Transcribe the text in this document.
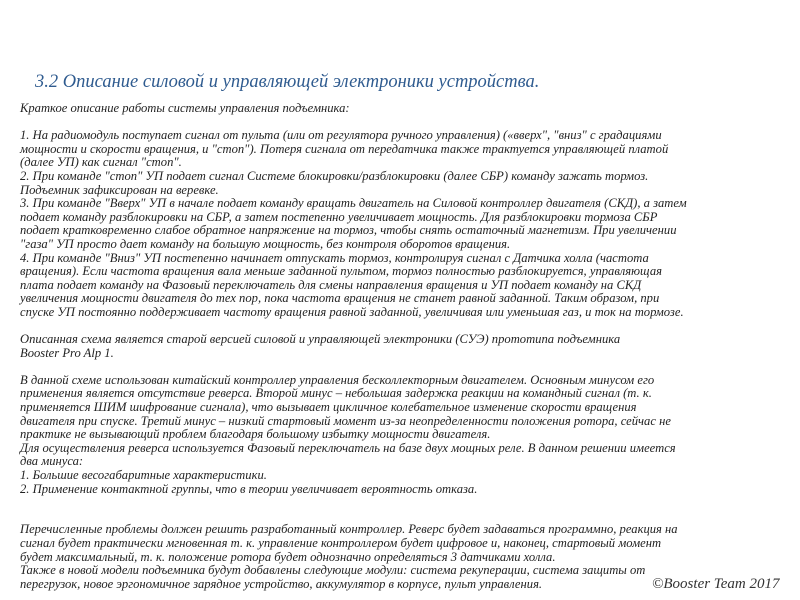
3.2 Описание силовой и управляющей электроники устройства.
Краткое описание работы системы управления подъемника:
1. На радиомодуль поступает сигнал от пульта (или от регулятора ручного управления) («вверх", "вниз" с градациями
мощности и скорости вращения, и "стоп"). Потеря сигнала от передатчика также трактуется управляющей платой
(далее УП) как сигнал "стоп".
2. При команде "стоп" УП подает сигнал Системе блокировки/разблокировки (далее СБР) команду зажать тормоз.
Подъемник зафиксирован на веревке.
3. При команде "Вверх" УП в начале подает команду вращать двигатель на Силовой контроллер двигателя (СКД), а затем
подает команду разблокировки на СБР, а затем постепенно увеличивает мощность. Для разблокировки тормоза СБР
подает кратковременно слабое обратное напряжение на тормоз, чтобы снять остаточный магнетизм. При увеличении
"газа" УП просто дает команду на большую мощность, без контроля оборотов вращения.
4. При команде "Вниз" УП постепенно начинает отпускать тормоз, контролируя сигнал с Датчика холла (частота
вращения). Если частота вращения вала меньше заданной пультом, тормоз полностью разблокируется, управляющая
плата подает команду на Фазовый переключатель для смены направления вращения и УП подает команду на СКД
увеличения мощности двигателя до тех пор, пока частота вращения не станет равной заданной. Таким образом, при
спуске УП постоянно поддерживает частоту вращения равной заданной, увеличивая или уменьшая газ, и ток на тормозе.
Описанная схема является старой версией силовой и управляющей электроники (СУЭ) прототипа подъемника
Booster Pro Alp 1.
В данной схеме использован китайский контроллер управления бесколлекторным двигателем. Основным минусом его
применения является отсутствие реверса. Второй минус – небольшая задержка реакции на командный сигнал (т. к.
применяется ШИМ шифрование сигнала), что вызывает цикличное колебательное изменение скорости вращения
двигателя при спуске. Третий минус – низкий стартовый момент из-за неопределенности положения ротора, сейчас не
практике не вызывающий проблем благодаря большому избытку мощности двигателя.
Для осуществления реверса используется Фазовый переключатель на базе двух мощных реле. В данном решении имеется
два минуса:
1. Большие весогабаритные характеристики.
2. Применение контактной группы, что в теории увеличивает вероятность отказа.
Перечисленные проблемы должен решить разработанный контроллер. Реверс будет задаваться программно, реакция на
сигнал будет практически мгновенная т. к. управление контроллером будет цифровое и, наконец, стартовый момент
будет максимальный, т. к. положение ротора будет однозначно определяться 3 датчиками холла.
Также в новой модели подъемника будут добавлены следующие модули: система рекуперации, система защиты от
перегрузок, новое эргономичное зарядное устройство, аккумулятор в корпусе, пульт управления.	©Booster Team 2017
